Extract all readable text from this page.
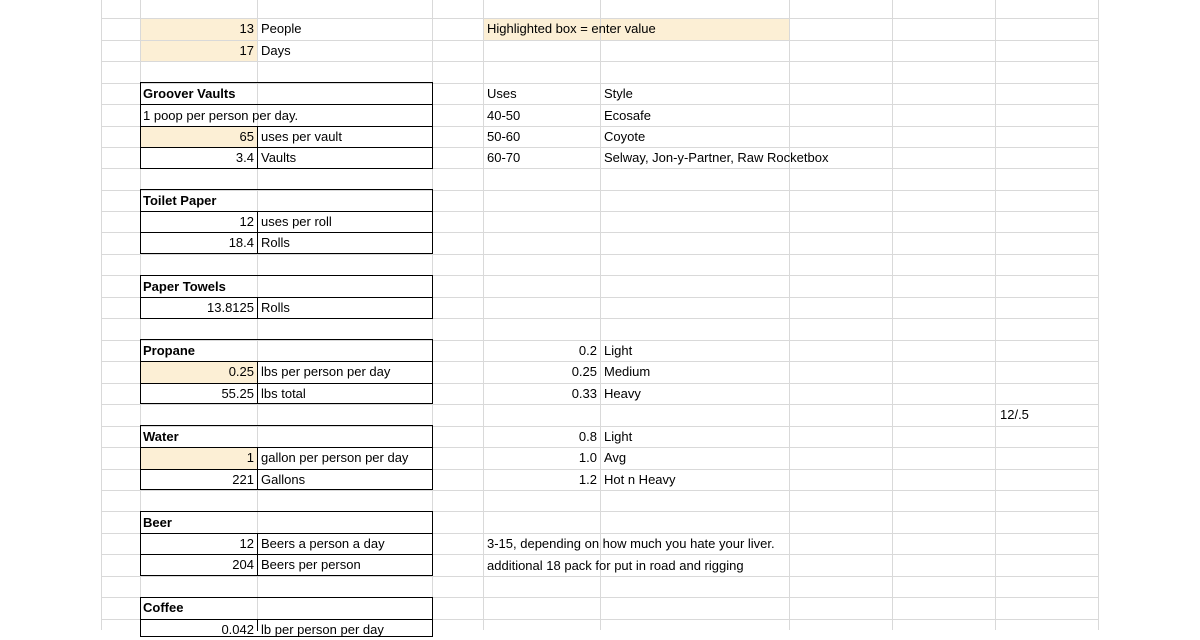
13 People
17 Days
Highlighted box = enter value
Groover Vaults
1 poop per person per day.
65 uses per vault
3.4 Vaults
Uses	Style
40-50	Ecosafe
50-60	Coyote
60-70	Selway, Jon-y-Partner, Raw Rocketbox
Toilet Paper
12 uses per roll
18.4 Rolls
Paper Towels
13.8125 Rolls
Propane
0.25 lbs per person per day
55.25 lbs total
0.2 Light
0.25 Medium
0.33 Heavy
12/.5
Water
1 gallon per person per day
221 Gallons
0.8 Light
1.0 Avg
1.2 Hot n Heavy
Beer
12 Beers a person a day
204 Beers per person
3-15, depending on how much you hate your liver.
additional 18 pack for put in road and rigging
Coffee
0.042 lb per person per day
